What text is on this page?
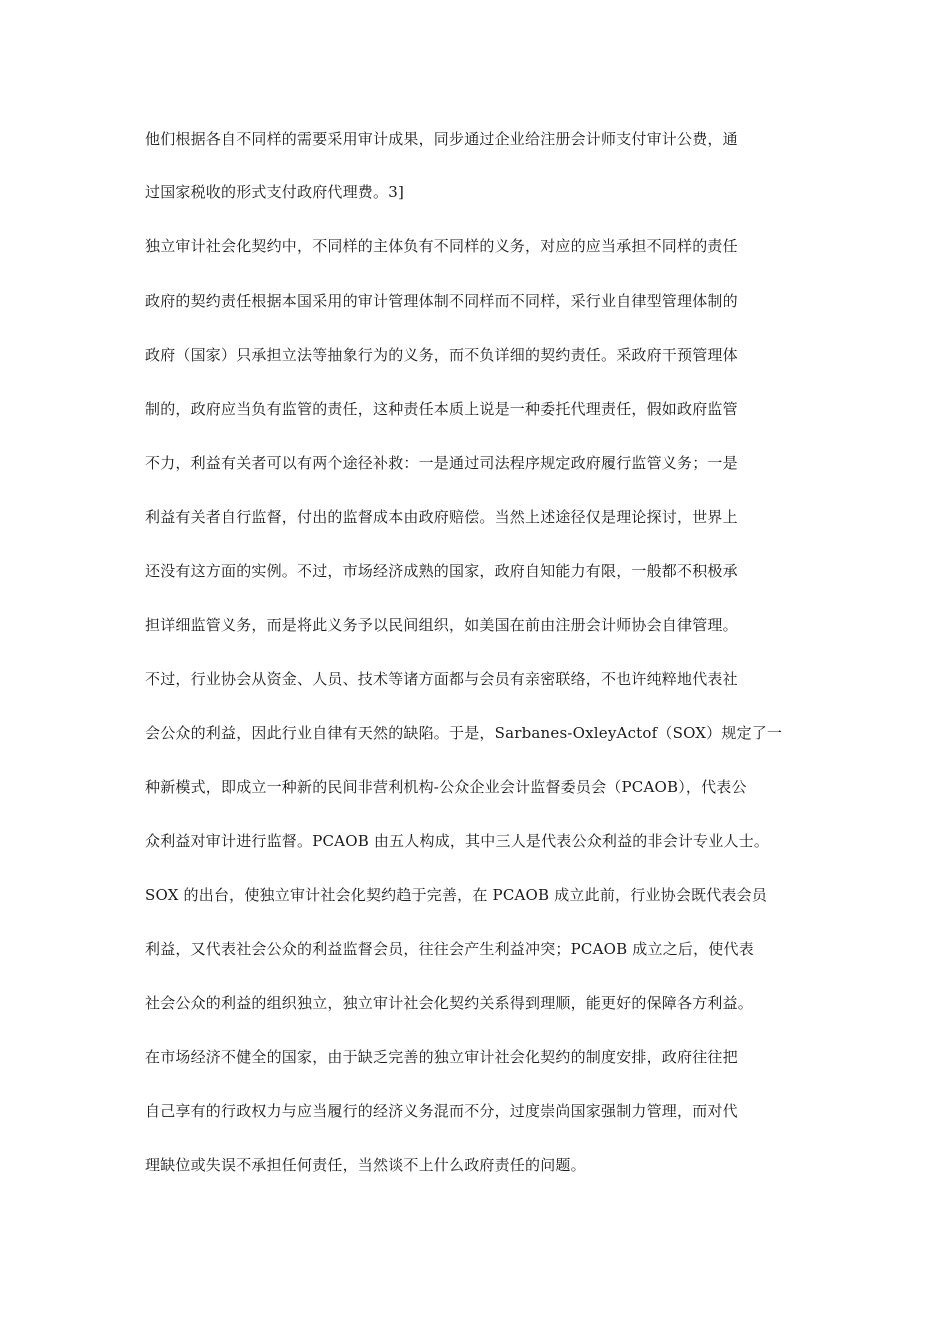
他们根据各自不同样的需要采用审计成果，同步通过企业给注册会计师支付审计公费，通
过国家税收的形式支付政府代理费。3]
独立审计社会化契约中，不同样的主体负有不同样的义务，对应的应当承担不同样的责任
政府的契约责任根据本国采用的审计管理体制不同样而不同样，采行业自律型管理体制的
政府（国家）只承担立法等抽象行为的义务，而不负详细的契约责任。采政府干预管理体
制的，政府应当负有监管的责任，这种责任本质上说是一种委托代理责任，假如政府监管
不力，利益有关者可以有两个途径补救：一是通过司法程序规定政府履行监管义务；一是
利益有关者自行监督，付出的监督成本由政府赔偿。当然上述途径仅是理论探讨，世界上
还没有这方面的实例。不过，市场经济成熟的国家，政府自知能力有限，一般都不积极承
担详细监管义务，而是将此义务予以民间组织，如美国在前由注册会计师协会自律管理。
不过，行业协会从资金、人员、技术等诸方面都与会员有亲密联络，不也许纯粹地代表社
会公众的利益，因此行业自律有天然的缺陷。于是，Sarbanes-OxleyActof（SOX）规定了一
种新模式，即成立一种新的民间非营利机构-公众企业会计监督委员会（PCAOB），代表公
众利益对审计进行监督。PCAOB 由五人构成，其中三人是代表公众利益的非会计专业人士。
SOX 的出台，使独立审计社会化契约趋于完善，在 PCAOB 成立此前，行业协会既代表会员
利益，又代表社会公众的利益监督会员，往往会产生利益冲突；PCAOB 成立之后，使代表
社会公众的利益的组织独立，独立审计社会化契约关系得到理顺，能更好的保障各方利益。
在市场经济不健全的国家，由于缺乏完善的独立审计社会化契约的制度安排，政府往往把
自己享有的行政权力与应当履行的经济义务混而不分，过度崇尚国家强制力管理，而对代
理缺位或失误不承担任何责任，当然谈不上什么政府责任的问题。
